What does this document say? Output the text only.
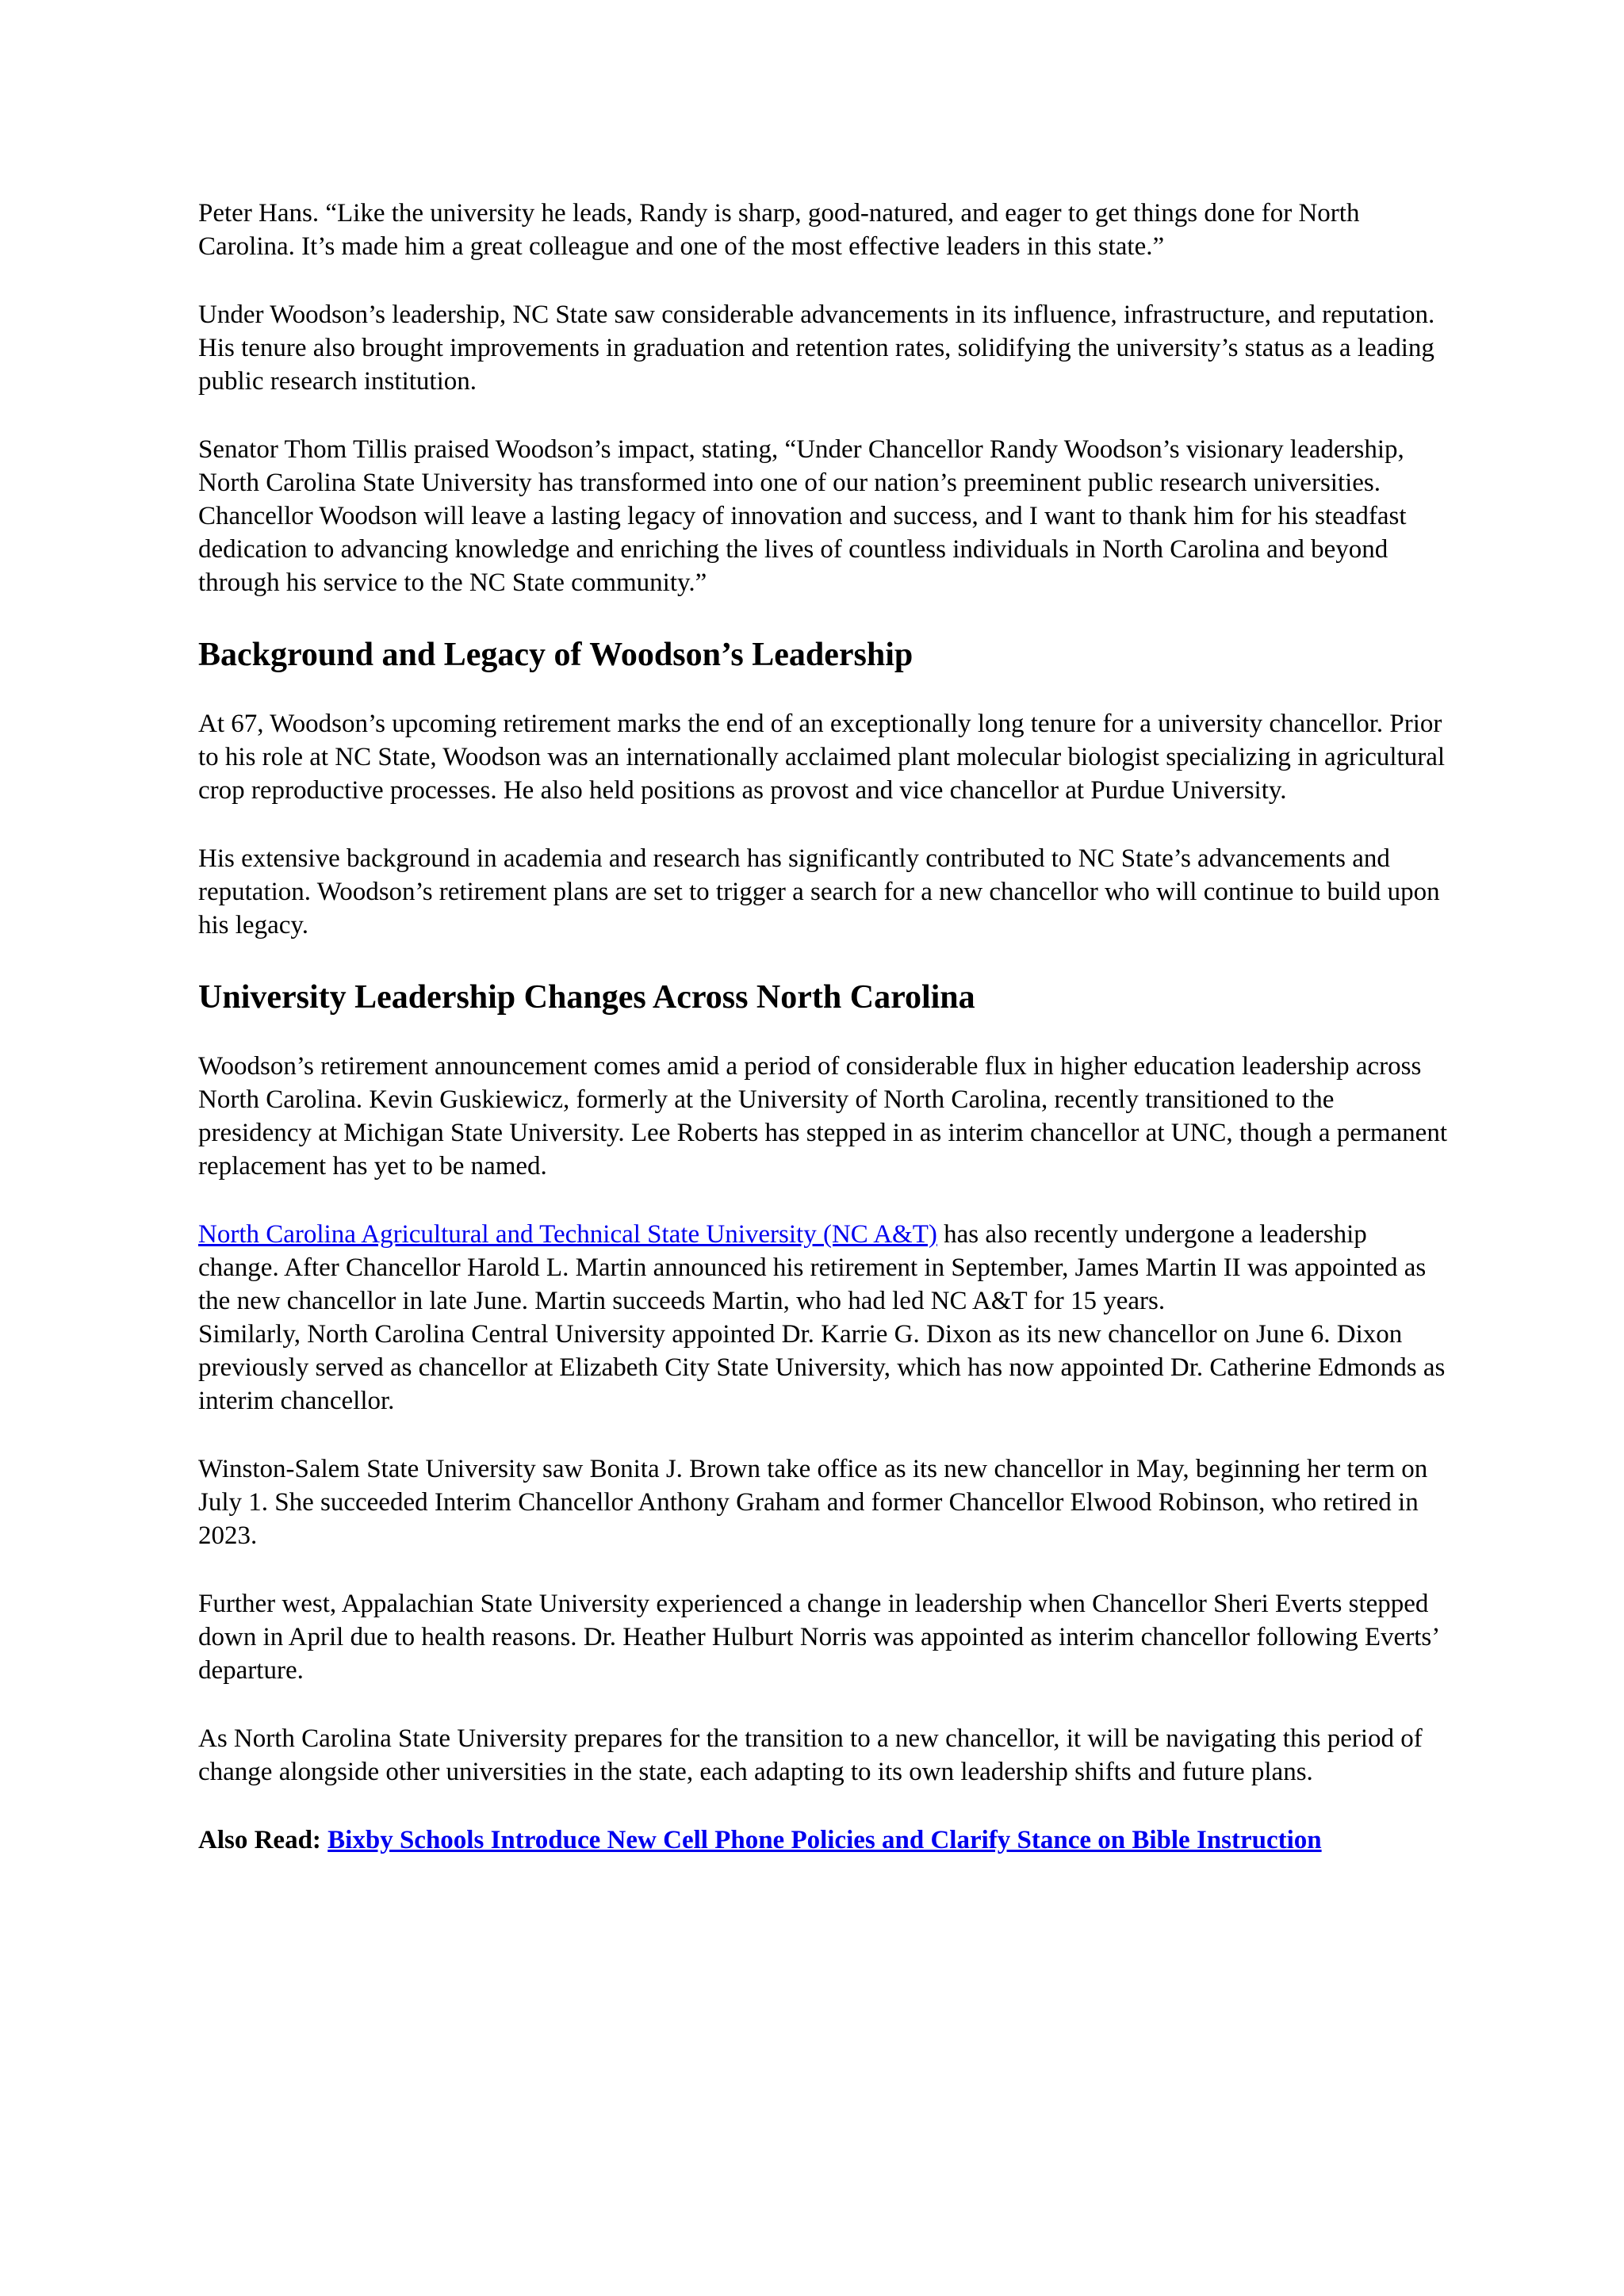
Peter Hans. “Like the university he leads, Randy is sharp, good-natured, and eager to get things done for North Carolina. It’s made him a great colleague and one of the most effective leaders in this state.”

Under Woodson’s leadership, NC State saw considerable advancements in its influence, infrastructure, and reputation. His tenure also brought improvements in graduation and retention rates, solidifying the university’s status as a leading public research institution.

Senator Thom Tillis praised Woodson’s impact, stating, “Under Chancellor Randy Woodson’s visionary leadership, North Carolina State University has transformed into one of our nation’s preeminent public research universities. Chancellor Woodson will leave a lasting legacy of innovation and success, and I want to thank him for his steadfast dedication to advancing knowledge and enriching the lives of countless individuals in North Carolina and beyond through his service to the NC State community.”

Background and Legacy of Woodson’s Leadership

At 67, Woodson’s upcoming retirement marks the end of an exceptionally long tenure for a university chancellor. Prior to his role at NC State, Woodson was an internationally acclaimed plant molecular biologist specializing in agricultural crop reproductive processes. He also held positions as provost and vice chancellor at Purdue University.

His extensive background in academia and research has significantly contributed to NC State’s advancements and reputation. Woodson’s retirement plans are set to trigger a search for a new chancellor who will continue to build upon his legacy.

University Leadership Changes Across North Carolina

Woodson’s retirement announcement comes amid a period of considerable flux in higher education leadership across North Carolina. Kevin Guskiewicz, formerly at the University of North Carolina, recently transitioned to the presidency at Michigan State University. Lee Roberts has stepped in as interim chancellor at UNC, though a permanent replacement has yet to be named.

North Carolina Agricultural and Technical State University (NC A&T) has also recently undergone a leadership change. After Chancellor Harold L. Martin announced his retirement in September, James Martin II was appointed as the new chancellor in late June. Martin succeeds Martin, who had led NC A&T for 15 years.

Similarly, North Carolina Central University appointed Dr. Karrie G. Dixon as its new chancellor on June 6. Dixon previously served as chancellor at Elizabeth City State University, which has now appointed Dr. Catherine Edmonds as interim chancellor.

Winston-Salem State University saw Bonita J. Brown take office as its new chancellor in May, beginning her term on July 1. She succeeded Interim Chancellor Anthony Graham and former Chancellor Elwood Robinson, who retired in 2023.

Further west, Appalachian State University experienced a change in leadership when Chancellor Sheri Everts stepped down in April due to health reasons. Dr. Heather Hulburt Norris was appointed as interim chancellor following Everts’ departure.

As North Carolina State University prepares for the transition to a new chancellor, it will be navigating this period of change alongside other universities in the state, each adapting to its own leadership shifts and future plans.

Also Read: Bixby Schools Introduce New Cell Phone Policies and Clarify Stance on Bible Instruction
